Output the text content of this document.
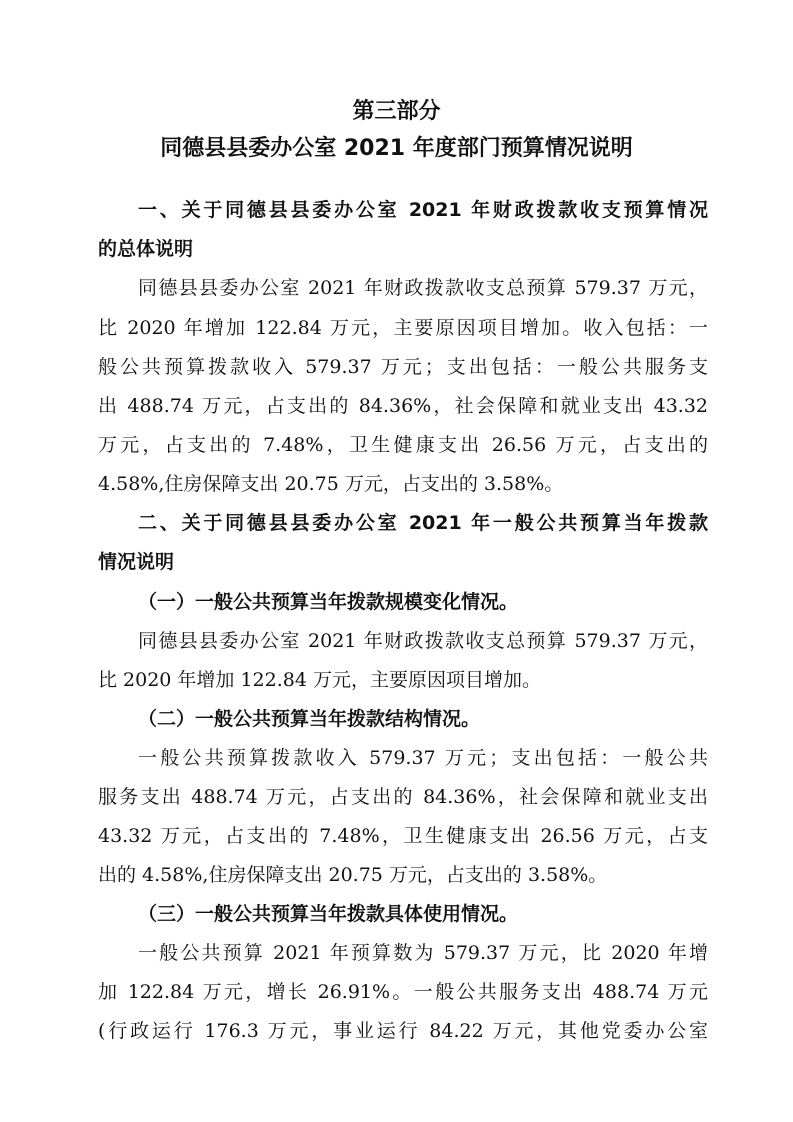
第三部分
同德县县委办公室 2021 年度部门预算情况说明
一、关于同德县县委办公室 2021 年财政拨款收支预算情况
的总体说明
同德县县委办公室 2021 年财政拨款收支总预算 579.37 万元，
比 2020 年增加 122.84 万元，主要原因项目增加。收入包括：一
般公共预算拨款收入 579.37 万元；支出包括：一般公共服务支
出 488.74 万元，占支出的 84.36%，社会保障和就业支出 43.32
万元，占支出的 7.48%，卫生健康支出 26.56 万元，占支出的
4.58%,住房保障支出 20.75 万元，占支出的 3.58%。
二、关于同德县县委办公室 2021 年一般公共预算当年拨款
情况说明
（一）一般公共预算当年拨款规模变化情况。
同德县县委办公室 2021 年财政拨款收支总预算 579.37 万元，
比 2020 年增加 122.84 万元，主要原因项目增加。
（二）一般公共预算当年拨款结构情况。
一般公共预算拨款收入 579.37 万元；支出包括：一般公共
服务支出 488.74 万元，占支出的 84.36%，社会保障和就业支出
43.32 万元，占支出的 7.48%，卫生健康支出 26.56 万元，占支
出的 4.58%,住房保障支出 20.75 万元，占支出的 3.58%。
（三）一般公共预算当年拨款具体使用情况。
一般公共预算 2021 年预算数为 579.37 万元，比 2020 年增
加 122.84 万元，增长 26.91%。一般公共服务支出 488.74 万元
(行政运行 176.3 万元，事业运行 84.22 万元，其他党委办公室
